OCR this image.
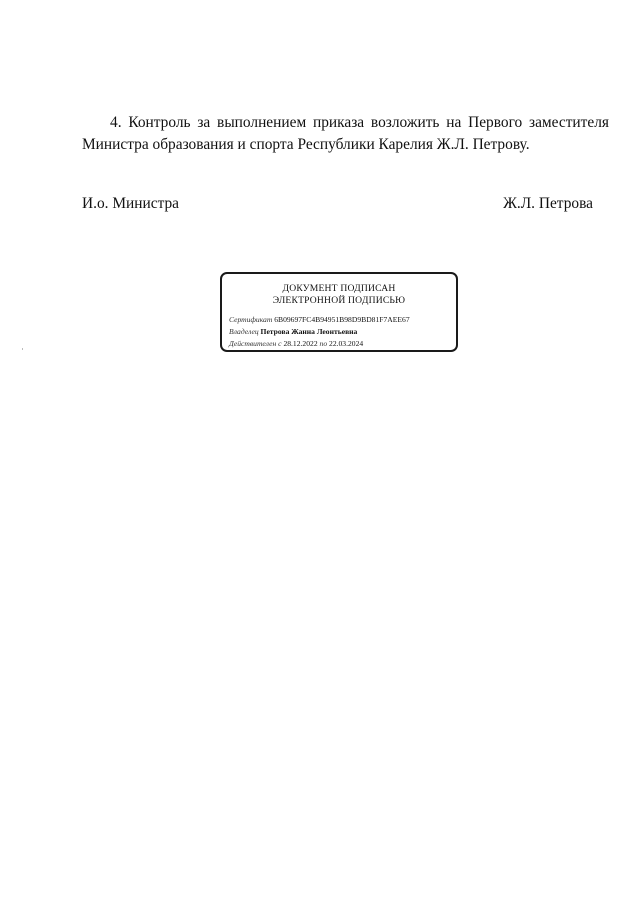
4. Контроль за выполнением приказа возложить на Первого заместителя Министра образования и спорта Республики Карелия Ж.Л. Петрову.

И.о. Министра	Ж.Л. Петрова
ДОКУМЕНТ ПОДПИСАН
ЭЛЕКТРОННОЙ ПОДПИСЬЮ
Сертификат 6B09697FC4B94951B98D9BD81F7AEE67
Владелец Петрова Жанна Леонтьевна
Действителен с 28.12.2022 по 22.03.2024
